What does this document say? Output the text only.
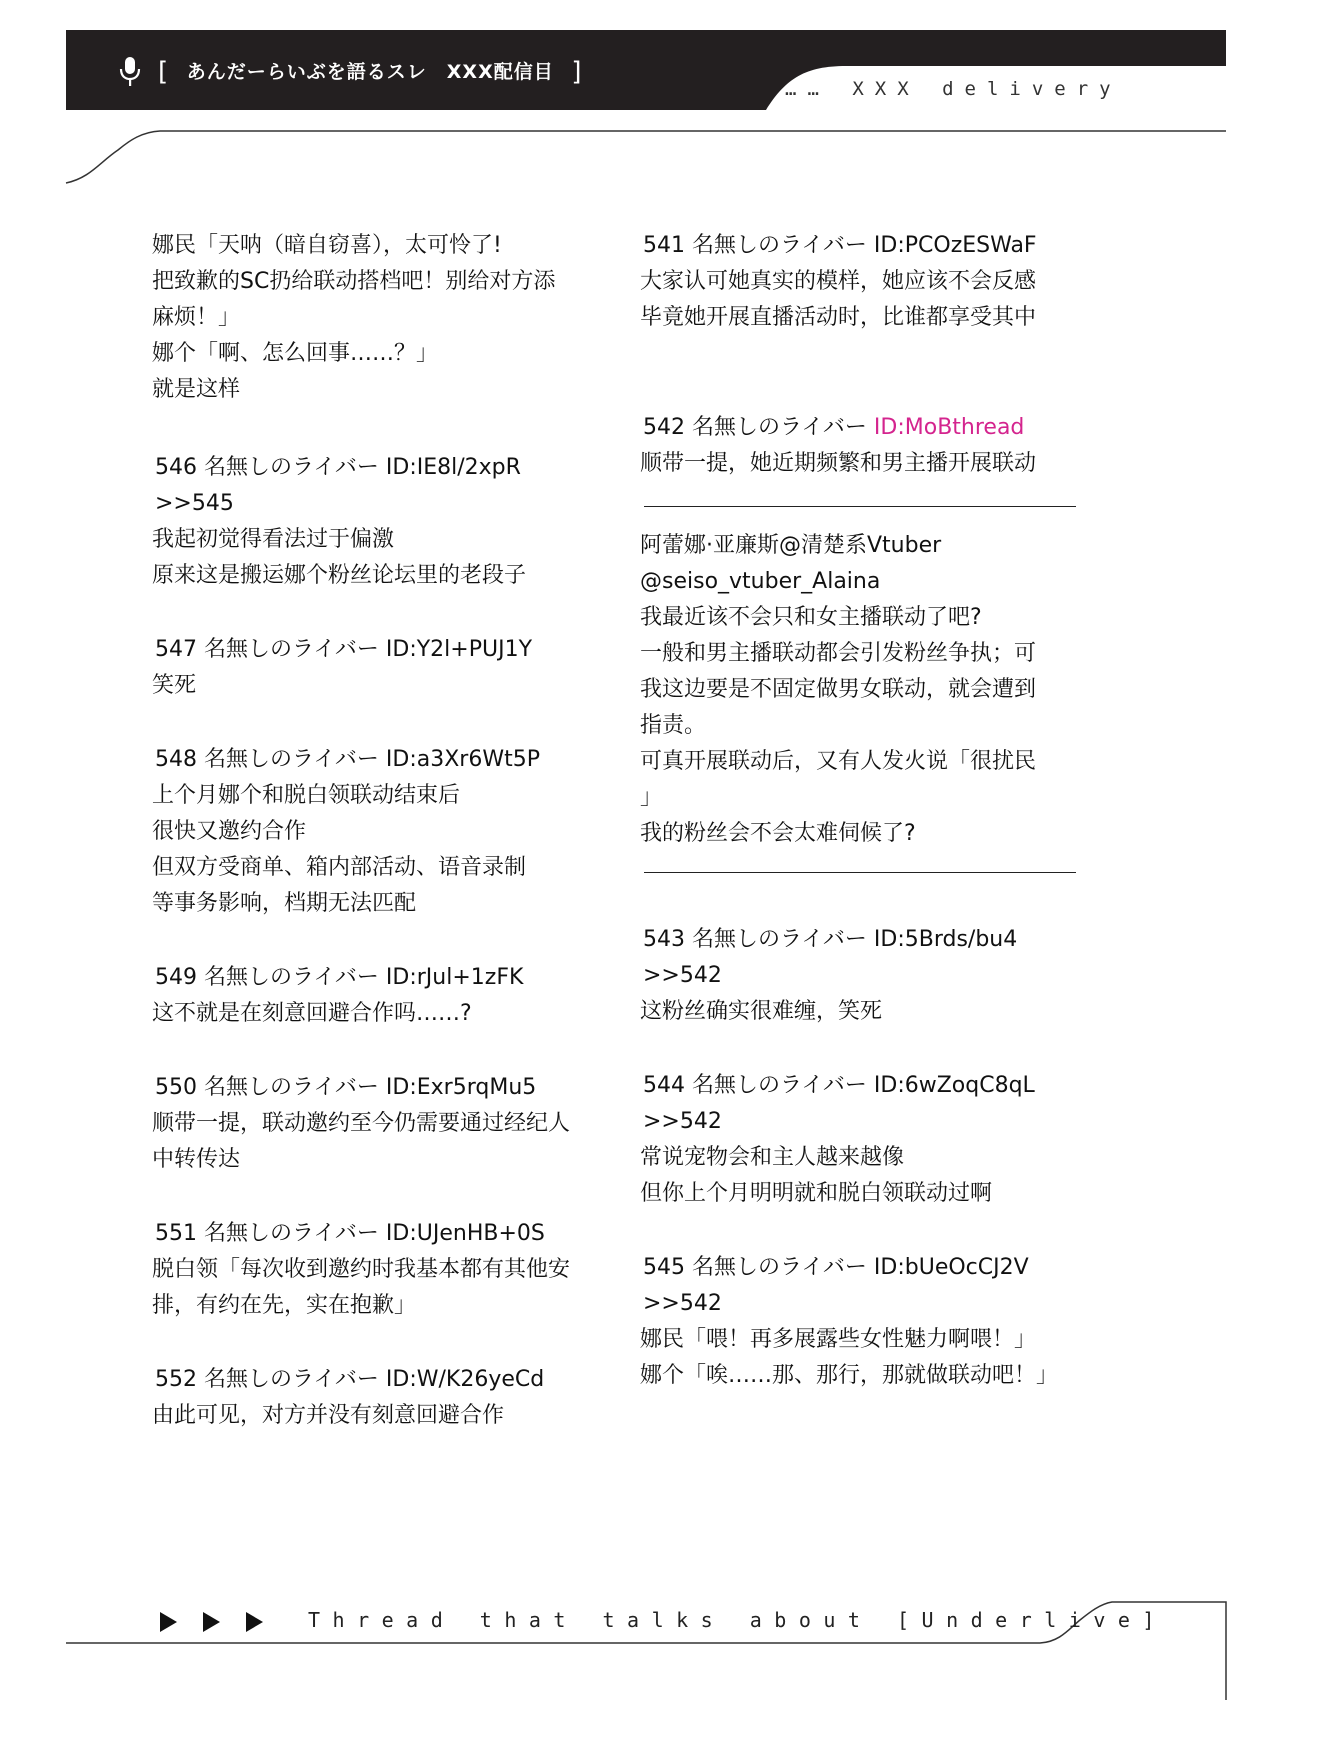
[ あんだーらいぶを語るスレ　XXX配信目 ]
…… XXX delivery
娜民「天呐（暗自窃喜），太可怜了!
把致歉的SC扔给联动搭档吧！别给对方添
麻烦！」
娜个「啊、怎么回事……？」
就是这样
546 名無しのライバー ID:IE8l/2xpR
>>545
我起初觉得看法过于偏激
原来这是搬运娜个粉丝论坛里的老段子
547 名無しのライバー ID:Y2l+PUJ1Y
笑死
548 名無しのライバー ID:a3Xr6Wt5P
上个月娜个和脱白领联动结束后
很快又邀约合作
但双方受商单、箱内部活动、语音录制
等事务影响，档期无法匹配
549 名無しのライバー ID:rJul+1zFK
这不就是在刻意回避合作吗……?
550 名無しのライバー ID:Exr5rqMu5
顺带一提，联动邀约至今仍需要通过经纪人
中转传达
551 名無しのライバー ID:UJenHB+0S
脱白领「每次收到邀约时我基本都有其他安
排，有约在先，实在抱歉」
552 名無しのライバー ID:W/K26yeCd
由此可见，对方并没有刻意回避合作
541 名無しのライバー ID:PCOzESWaF
大家认可她真实的模样，她应该不会反感
毕竟她开展直播活动时，比谁都享受其中
542 名無しのライバー ID:MoBthread
顺带一提，她近期频繁和男主播开展联动
阿蕾娜·亚廉斯@清楚系Vtuber
@seiso_vtuber_Alaina
我最近该不会只和女主播联动了吧?
一般和男主播联动都会引发粉丝争执；可
我这边要是不固定做男女联动，就会遭到
指责。
可真开展联动后，又有人发火说「很扰民
」
我的粉丝会不会太难伺候了?
543 名無しのライバー ID:5Brds/bu4
>>542
这粉丝确实很难缠，笑死
544 名無しのライバー ID:6wZoqC8qL
>>542
常说宠物会和主人越来越像
但你上个月明明就和脱白领联动过啊
545 名無しのライバー ID:bUeOcCJ2V
>>542
娜民「喂！再多展露些女性魅力啊喂！」
娜个「唉……那、那行，那就做联动吧！」
Thread that talks about [Underlive]
